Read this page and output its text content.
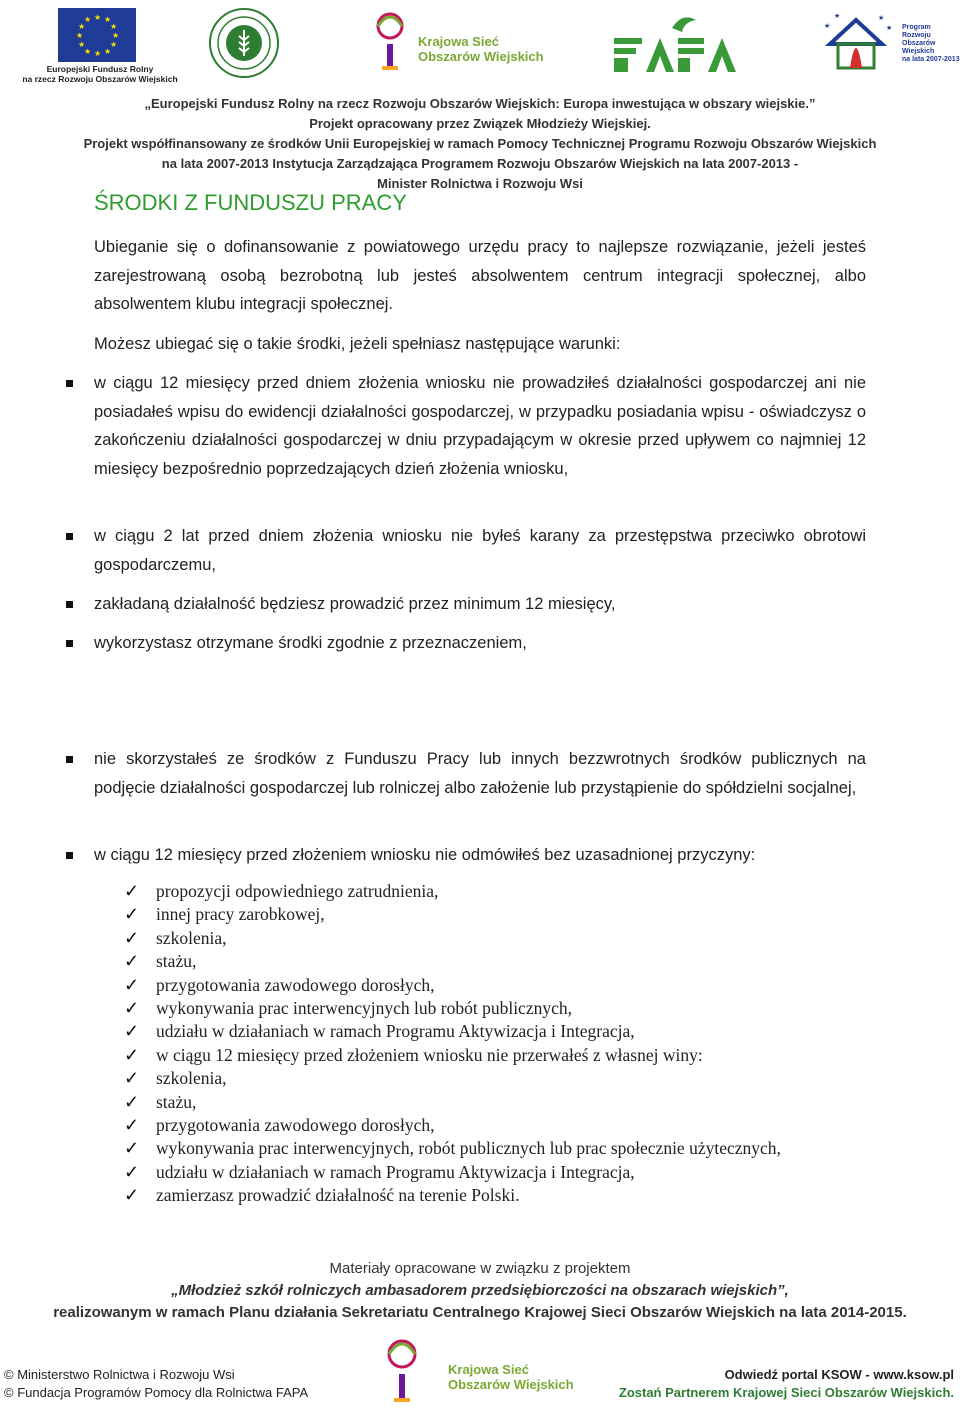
★ ★
★
★
★
★
★
★
★
★
★
★
Europejski Fundusz Rolny
na rzecz Rozwoju Obszarów Wiejskich
Krajowa Sieć
Obszarów Wiejskich
★
★	★
★ Program
Rozwoju
Obszarów
Wiejskich
na lata 2007-2013
„Europejski Fundusz Rolny na rzecz Rozwoju Obszarów Wiejskich: Europa inwestująca w obszary wiejskie.”
Projekt opracowany przez Związek Młodzieży Wiejskiej.
Projekt współfinansowany ze środków Unii Europejskiej w ramach Pomocy Technicznej Programu Rozwoju Obszarów Wiejskich
na lata 2007-2013 Instytucja Zarządzająca Programem Rozwoju Obszarów Wiejskich na lata 2007-2013 -
Minister Rolnictwa i Rozwoju Wsi
ŚRODKI Z FUNDUSZU PRACY
Ubieganie się o dofinansowanie z powiatowego urzędu pracy to najlepsze rozwiązanie, jeżeli jesteś zarejestrowaną osobą bezrobotną lub jesteś absolwentem centrum integracji społecznej, albo absolwentem klubu integracji społecznej.
Możesz ubiegać się o takie środki, jeżeli spełniasz następujące warunki:
w ciągu 12 miesięcy przed dniem złożenia wniosku nie prowadziłeś działalności gospodarczej ani nie posiadałeś wpisu do ewidencji działalności gospodarczej, w przypadku posiadania wpisu - oświadczysz o zakończeniu działalności gospodarczej w dniu przypadającym w okresie przed upływem co najmniej 12 miesięcy bezpośrednio poprzedzających dzień złożenia wniosku,
w ciągu 2 lat przed dniem złożenia wniosku nie byłeś karany za przestępstwa przeciwko obrotowi gospodarczemu,
zakładaną działalność będziesz prowadzić przez minimum 12 miesięcy,
wykorzystasz otrzymane środki zgodnie z przeznaczeniem,
nie skorzystałeś ze środków z Funduszu Pracy lub innych bezzwrotnych środków publicznych na podjęcie działalności gospodarczej lub rolniczej albo założenie lub przystąpienie do spółdzielni socjalnej,
w ciągu 12 miesięcy przed złożeniem wniosku nie odmówiłeś bez uzasadnionej przyczyny:
✓ propozycji odpowiedniego zatrudnienia,
✓ innej pracy zarobkowej,
✓ szkolenia,
✓ stażu,
✓ przygotowania zawodowego dorosłych,
✓ wykonywania prac interwencyjnych lub robót publicznych,
✓ udziału w działaniach w ramach Programu Aktywizacja i Integracja,
✓ w ciągu 12 miesięcy przed złożeniem wniosku nie przerwałeś z własnej winy:
✓ szkolenia,
✓ stażu,
✓ przygotowania zawodowego dorosłych,
✓ wykonywania prac interwencyjnych, robót publicznych lub prac społecznie użytecznych,
✓ udziału w działaniach w ramach Programu Aktywizacja i Integracja,
✓ zamierzasz prowadzić działalność na terenie Polski.
Materiały opracowane w związku z projektem
„Młodzież szkół rolniczych ambasadorem przedsiębiorczości na obszarach wiejskich”,
realizowanym w ramach Planu działania Sekretariatu Centralnego Krajowej Sieci Obszarów Wiejskich na lata 2014-2015.
© Ministerstwo Rolnictwa i Rozwoju Wsi
© Fundacja Programów Pomocy dla Rolnictwa FAPA
Krajowa Sieć
Obszarów Wiejskich
Odwiedź portal KSOW - www.ksow.pl
Zostań Partnerem Krajowej Sieci Obszarów Wiejskich.
